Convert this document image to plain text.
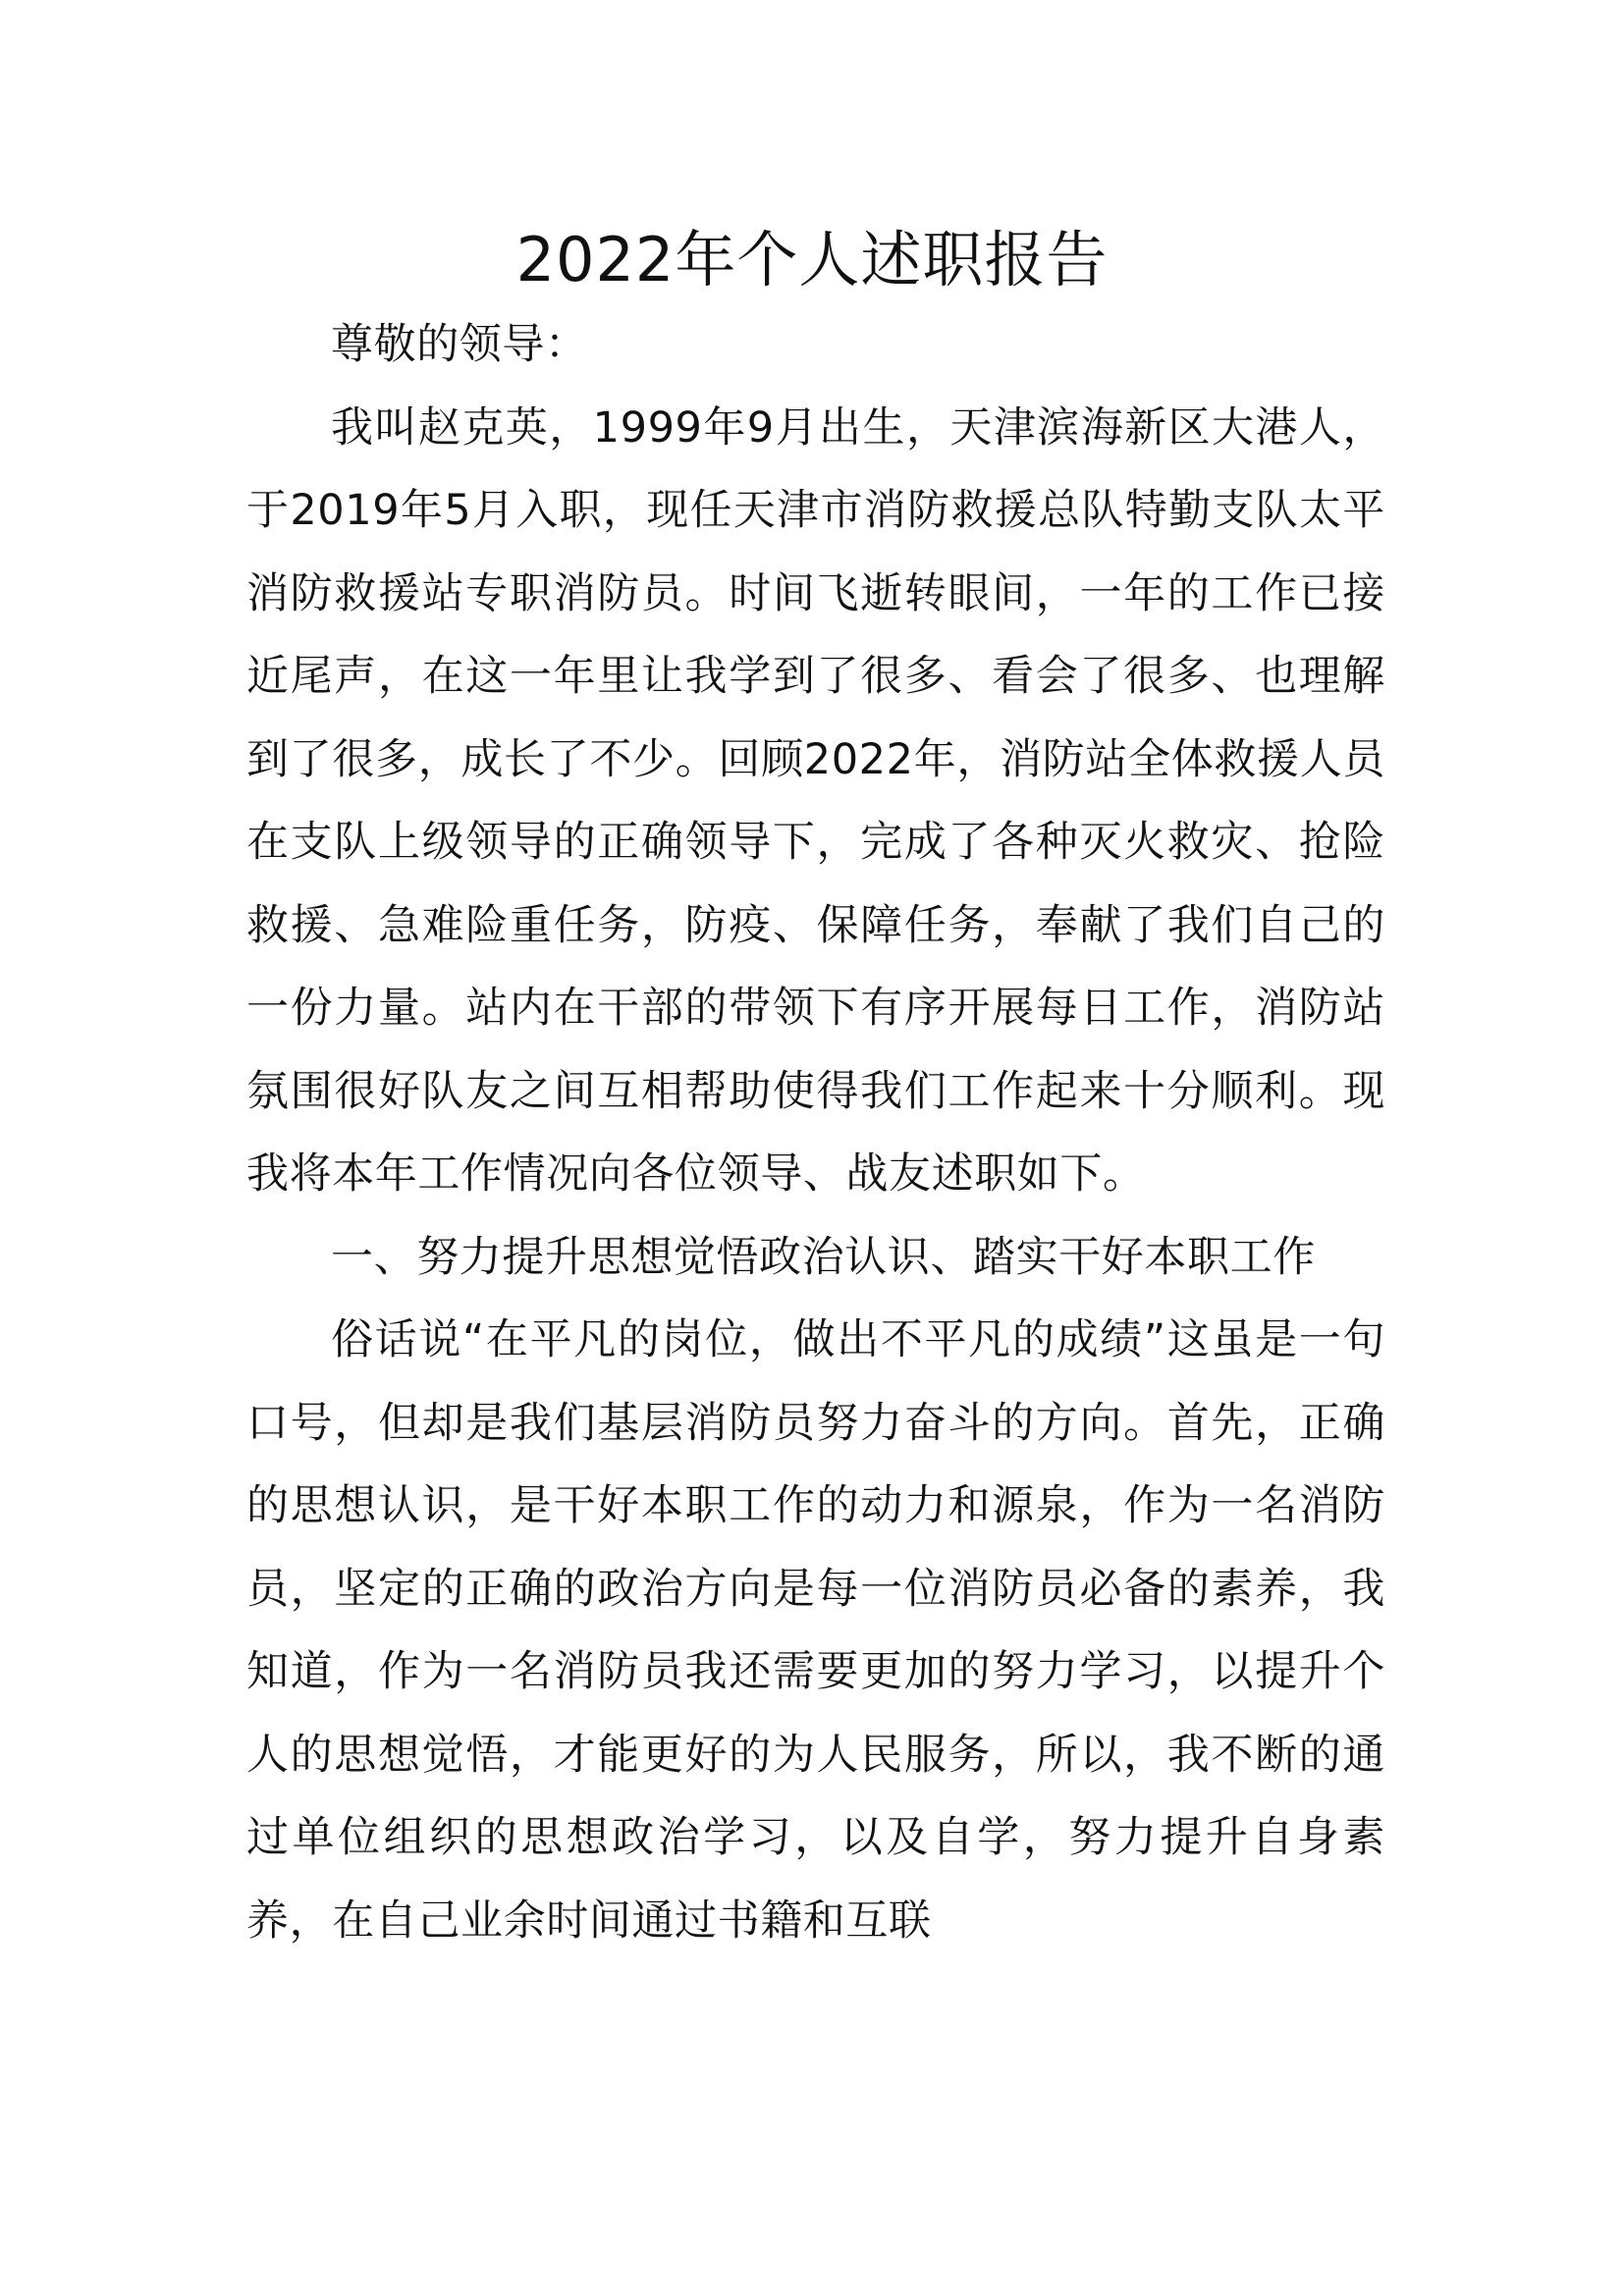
2022年个人述职报告

尊敬的领导：

我叫赵克英，1999年9月出生，天津滨海新区大港人，于2019年5月入职，现任天津市消防救援总队特勤支队太平消防救援站专职消防员。时间飞逝转眼间，一年的工作已接近尾声，在这一年里让我学到了很多、看会了很多、也理解到了很多，成长了不少。回顾2022年，消防站全体救援人员在支队上级领导的正确领导下，完成了各种灭火救灾、抢险救援、急难险重任务，防疫、保障任务，奉献了我们自己的一份力量。站内在干部的带领下有序开展每日工作，消防站氛围很好队友之间互相帮助使得我们工作起来十分顺利。现我将本年工作情况向各位领导、战友述职如下。

一、努力提升思想觉悟政治认识、踏实干好本职工作

俗话说“在平凡的岗位，做出不平凡的成绩”这虽是一句口号，但却是我们基层消防员努力奋斗的方向。首先，正确的思想认识，是干好本职工作的动力和源泉，作为一名消防员，坚定的正确的政治方向是每一位消防员必备的素养，我知道，作为一名消防员我还需要更加的努力学习，以提升个人的思想觉悟，才能更好的为人民服务，所以，我不断的通过单位组织的思想政治学习，以及自学，努力提升自身素养，在自己业余时间通过书籍和互联
